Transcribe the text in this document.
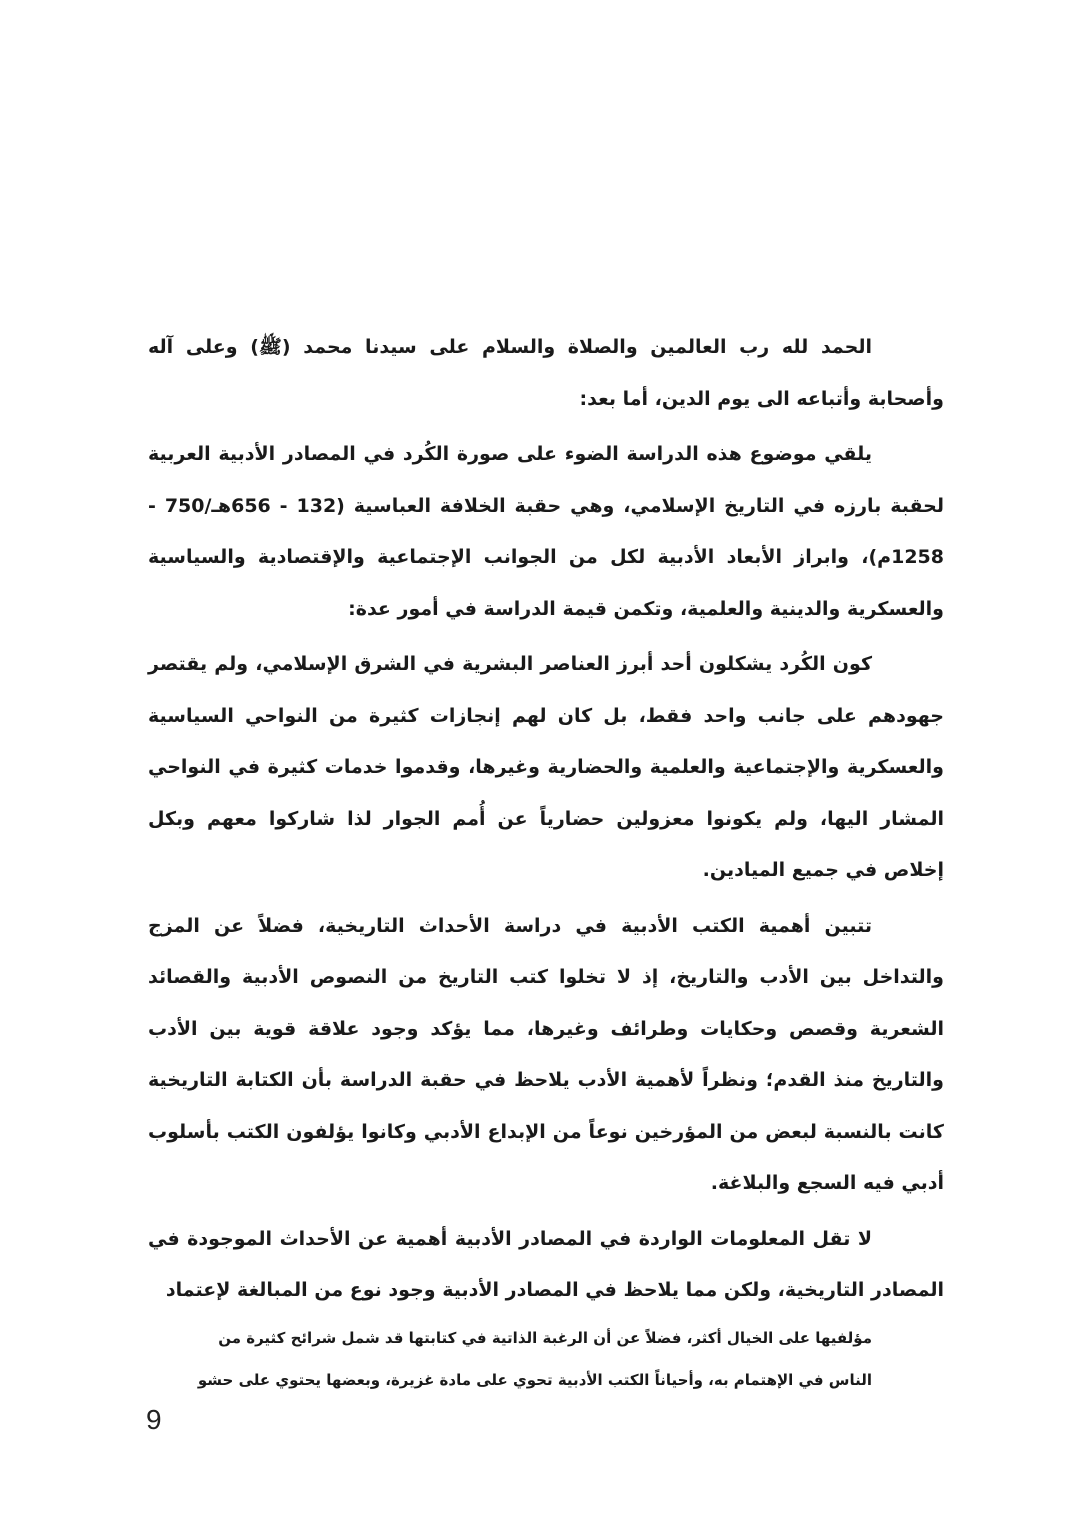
الحمد لله رب العالمين والصلاة والسلام على سيدنا محمد (ﷺ) وعلى آله وأصحابة وأتباعه الى يوم الدين، أما بعد:

يلقي موضوع هذه الدراسة الضوء على صورة الكُرد في المصادر الأدبية العربية لحقبة بارزه في التاريخ الإسلامي، وهي حقبة الخلافة العباسية (132 - 656هـ/750 - 1258م)، وابراز الأبعاد الأدبية لكل من الجوانب الإجتماعية والإقتصادية والسياسية والعسكرية والدينية والعلمية، وتكمن قيمة الدراسة في أمور عدة:

كون الكُرد يشكلون أحد أبرز العناصر البشرية في الشرق الإسلامي، ولم يقتصر جهودهم على جانب واحد فقط، بل كان لهم إنجازات كثيرة من النواحي السياسية والعسكرية والإجتماعية والعلمية والحضارية وغيرها، وقدموا خدمات كثيرة في النواحي المشار اليها، ولم يكونوا معزولين حضارياً عن أُمم الجوار لذا شاركوا معهم وبكل إخلاص في جميع الميادين.

تتبين أهمية الكتب الأدبية في دراسة الأحداث التاريخية، فضلاً عن المزج والتداخل بين الأدب والتاريخ، إذ لا تخلوا كتب التاريخ من النصوص الأدبية والقصائد الشعرية وقصص وحكايات وطرائف وغيرها، مما يؤكد وجود علاقة قوية بين الأدب والتاريخ منذ القدم؛ ونظراً لأهمية الأدب يلاحظ في حقبة الدراسة بأن الكتابة التاريخية كانت بالنسبة لبعض من المؤرخين نوعاً من الإبداع الأدبي وكانوا يؤلفون الكتب بأسلوب أدبي فيه السجع والبلاغة.

لا تقل المعلومات الواردة في المصادر الأدبية أهمية عن الأحداث الموجودة في المصادر التاريخية، ولكن مما يلاحظ في المصادر الأدبية وجود نوع من المبالغة لإعتماد
مؤلفيها على الخيال أكثر، فضلاً عن أن الرغبة الذاتية في كتابتها قد شمل شرائح كثيرة من
الناس في الإهتمام به، وأحياناً الكتب الأدبية تحوي على مادة غزيرة، وبعضها يحتوي على حشو

9
